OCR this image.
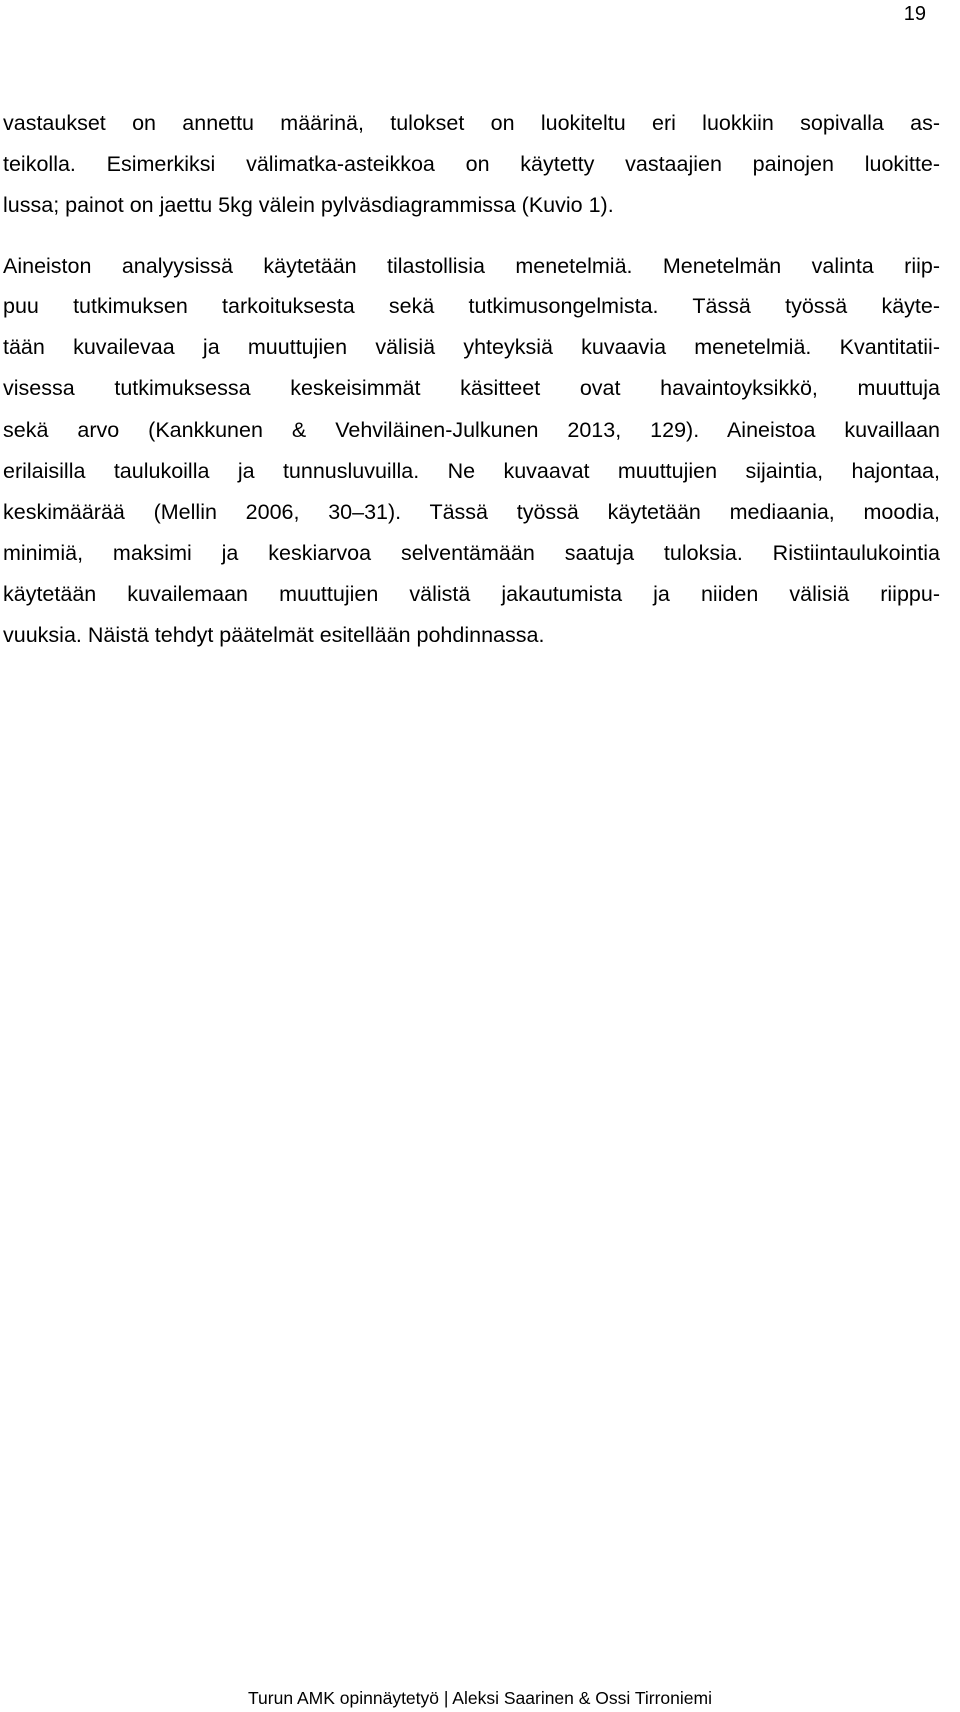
19
vastaukset on annettu määrinä, tulokset on luokiteltu eri luokkiin sopivalla as-
teikolla. Esimerkiksi välimatka-asteikkoa on käytetty vastaajien painojen luokitte-
lussa; painot on jaettu 5kg välein pylväsdiagrammissa (Kuvio 1).
Aineiston analyysissä käytetään tilastollisia menetelmiä. Menetelmän valinta riip-
puu tutkimuksen tarkoituksesta sekä tutkimusongelmista. Tässä työssä käyte-
tään kuvailevaa ja muuttujien välisiä yhteyksiä kuvaavia menetelmiä. Kvantitatii-
visessa tutkimuksessa keskeisimmät käsitteet ovat havaintoyksikkö, muuttuja
sekä arvo (Kankkunen & Vehviläinen-Julkunen 2013, 129). Aineistoa kuvaillaan
erilaisilla taulukoilla ja tunnusluvuilla. Ne kuvaavat muuttujien sijaintia, hajontaa,
keskimäärää (Mellin 2006, 30–31). Tässä työssä käytetään mediaania, moodia,
minimiä, maksimi ja keskiarvoa selventämään saatuja tuloksia. Ristiintaulukointia
käytetään kuvailemaan muuttujien välistä jakautumista ja niiden välisiä riippu-
vuuksia. Näistä tehdyt päätelmät esitellään pohdinnassa.
Turun AMK opinnäytetyö | Aleksi Saarinen & Ossi Tirroniemi
